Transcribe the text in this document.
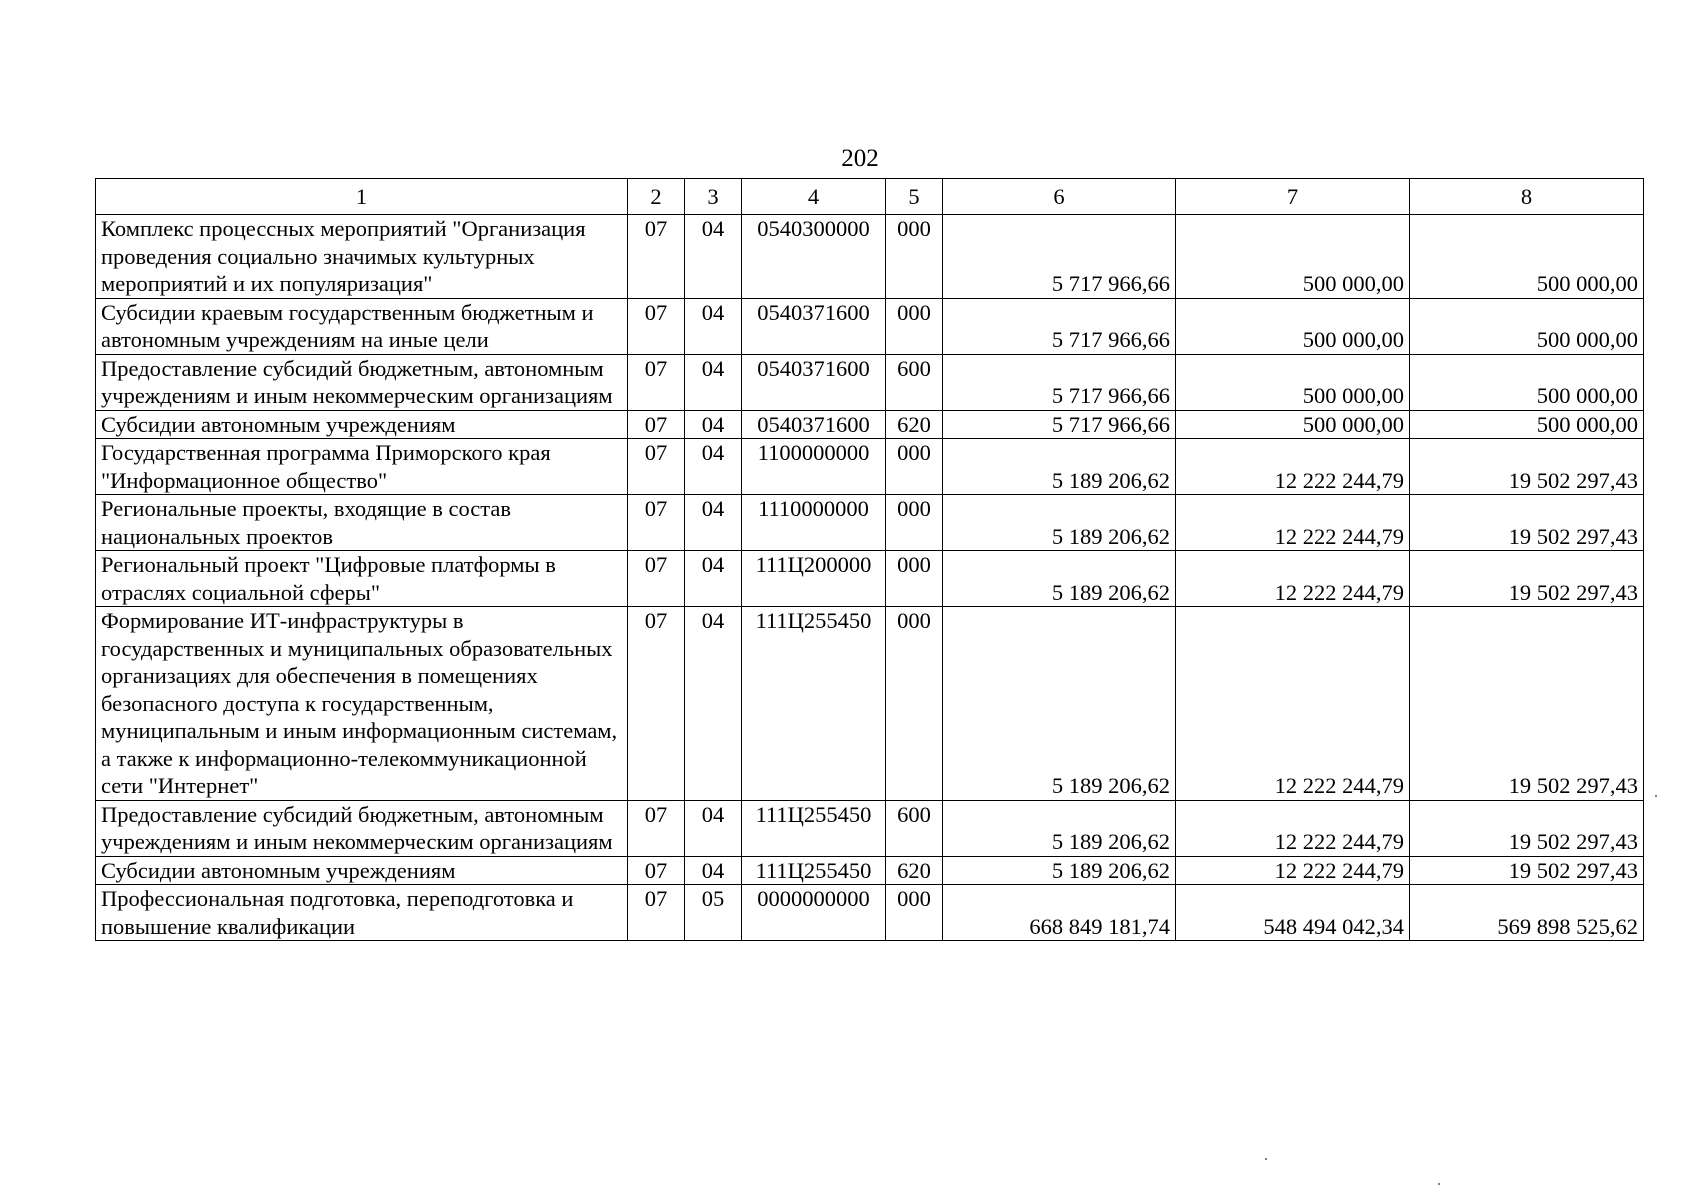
202
1	2	3	4	5	6	7	8
Комплекс процессных мероприятий "Организация проведения социально значимых культурных мероприятий и их популяризация"	07	04	0540300000	000	5 717 966,66	500 000,00	500 000,00
Субсидии краевым государственным бюджетным и автономным учреждениям на иные цели	07	04	0540371600	000	5 717 966,66	500 000,00	500 000,00
Предоставление субсидий бюджетным, автономным учреждениям и иным некоммерческим организациям	07	04	0540371600	600	5 717 966,66	500 000,00	500 000,00
Субсидии автономным учреждениям	07	04	0540371600	620	5 717 966,66	500 000,00	500 000,00
Государственная программа Приморского края "Информационное общество"	07	04	1100000000	000	5 189 206,62	12 222 244,79	19 502 297,43
Региональные проекты, входящие в состав национальных проектов	07	04	1110000000	000	5 189 206,62	12 222 244,79	19 502 297,43
Региональный проект "Цифровые платформы в отраслях социальной сферы"	07	04	111Ц200000	000	5 189 206,62	12 222 244,79	19 502 297,43
Формирование ИТ-инфраструктуры в государственных и муниципальных образовательных организациях для обеспечения в помещениях безопасного доступа к государственным, муниципальным и иным информационным системам, а также к информационно-телекоммуникационной сети "Интернет"	07	04	111Ц255450	000	5 189 206,62	12 222 244,79	19 502 297,43
Предоставление субсидий бюджетным, автономным учреждениям и иным некоммерческим организациям	07	04	111Ц255450	600	5 189 206,62	12 222 244,79	19 502 297,43
Субсидии автономным учреждениям	07	04	111Ц255450	620	5 189 206,62	12 222 244,79	19 502 297,43
Профессиональная подготовка, переподготовка и повышение квалификации	07	05	0000000000	000	668 849 181,74	548 494 042,34	569 898 525,62
